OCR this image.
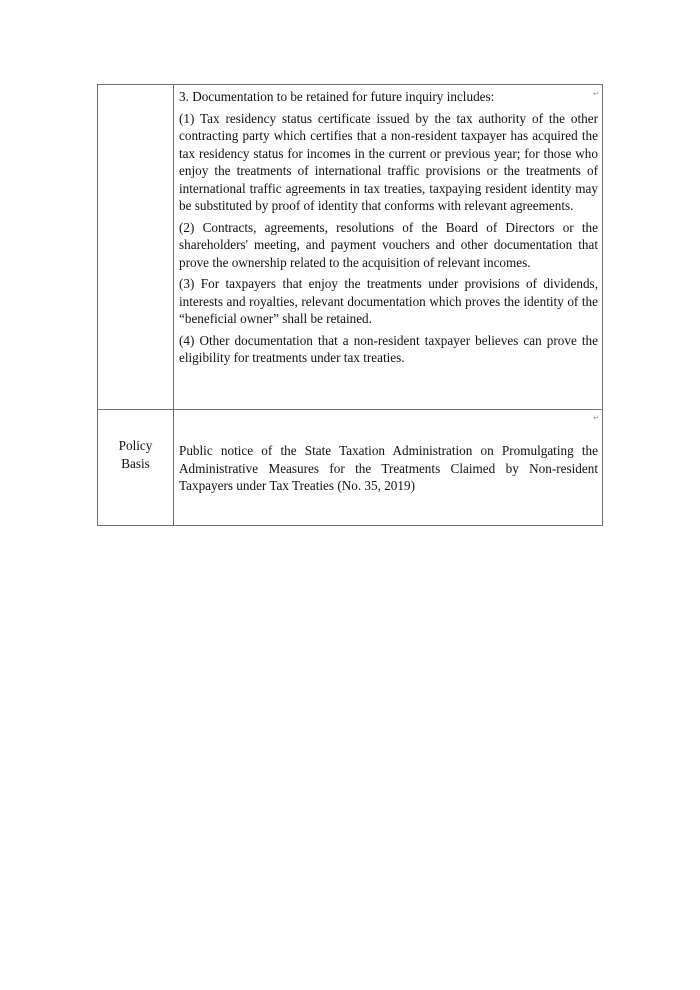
3. Documentation to be retained for future inquiry includes:

(1) Tax residency status certificate issued by the tax authority of the other contracting party which certifies that a non-resident taxpayer has acquired the tax residency status for incomes in the current or previous year; for those who enjoy the treatments of international traffic provisions or the treatments of international traffic agreements in tax treaties, taxpaying resident identity may be substituted by proof of identity that conforms with relevant agreements.

(2) Contracts, agreements, resolutions of the Board of Directors or the shareholders' meeting, and payment vouchers and other documentation that prove the ownership related to the acquisition of relevant incomes.

(3) For taxpayers that enjoy the treatments under provisions of dividends, interests and royalties, relevant documentation which proves the identity of the “beneficial owner” shall be retained.

(4) Other documentation that a non-resident taxpayer believes can prove the eligibility for treatments under tax treaties.

Policy
Basis
Public notice of the State Taxation Administration on Promulgating the Administrative Measures for the Treatments Claimed by Non-resident Taxpayers under Tax Treaties (No. 35, 2019)
↵
↵
